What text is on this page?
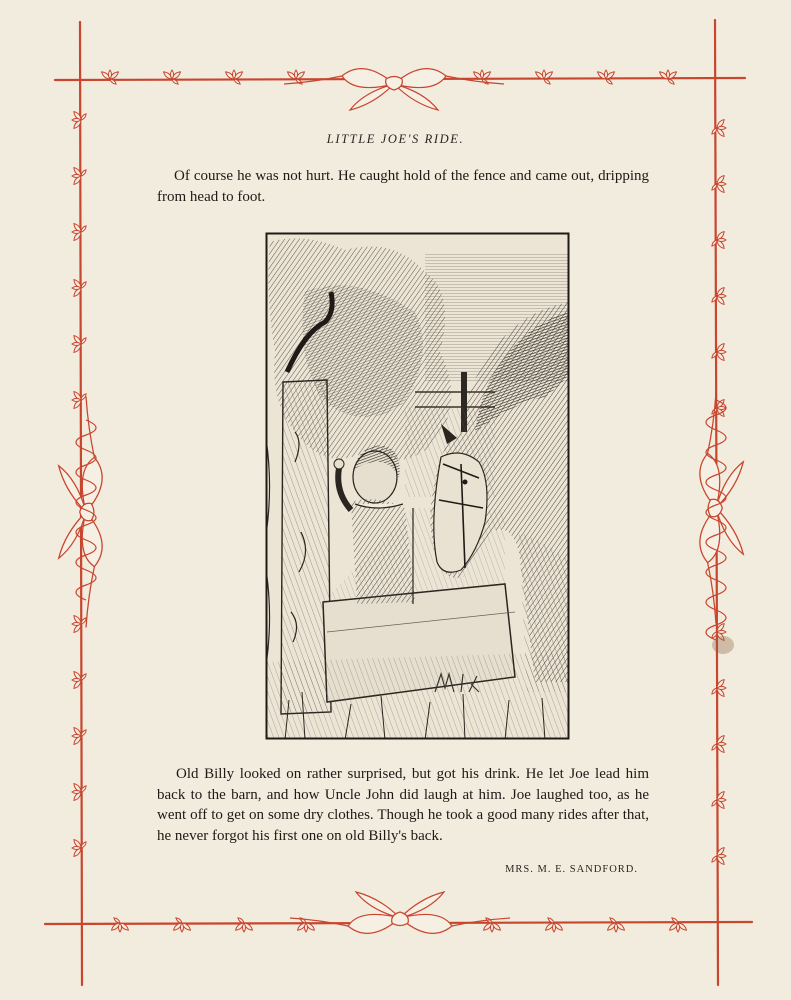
LITTLE JOE'S RIDE.

Of course he was not hurt. He caught hold of the fence and came out, dripping from head to foot.

Old Billy looked on rather surprised, but got his drink. He let Joe lead him back to the barn, and how Uncle John did laugh at him. Joe laughed too, as he went off to get on some dry clothes. Though he took a good many rides after that, he never forgot his first one on old Billy's back.

MRS. M. E. SANDFORD.
